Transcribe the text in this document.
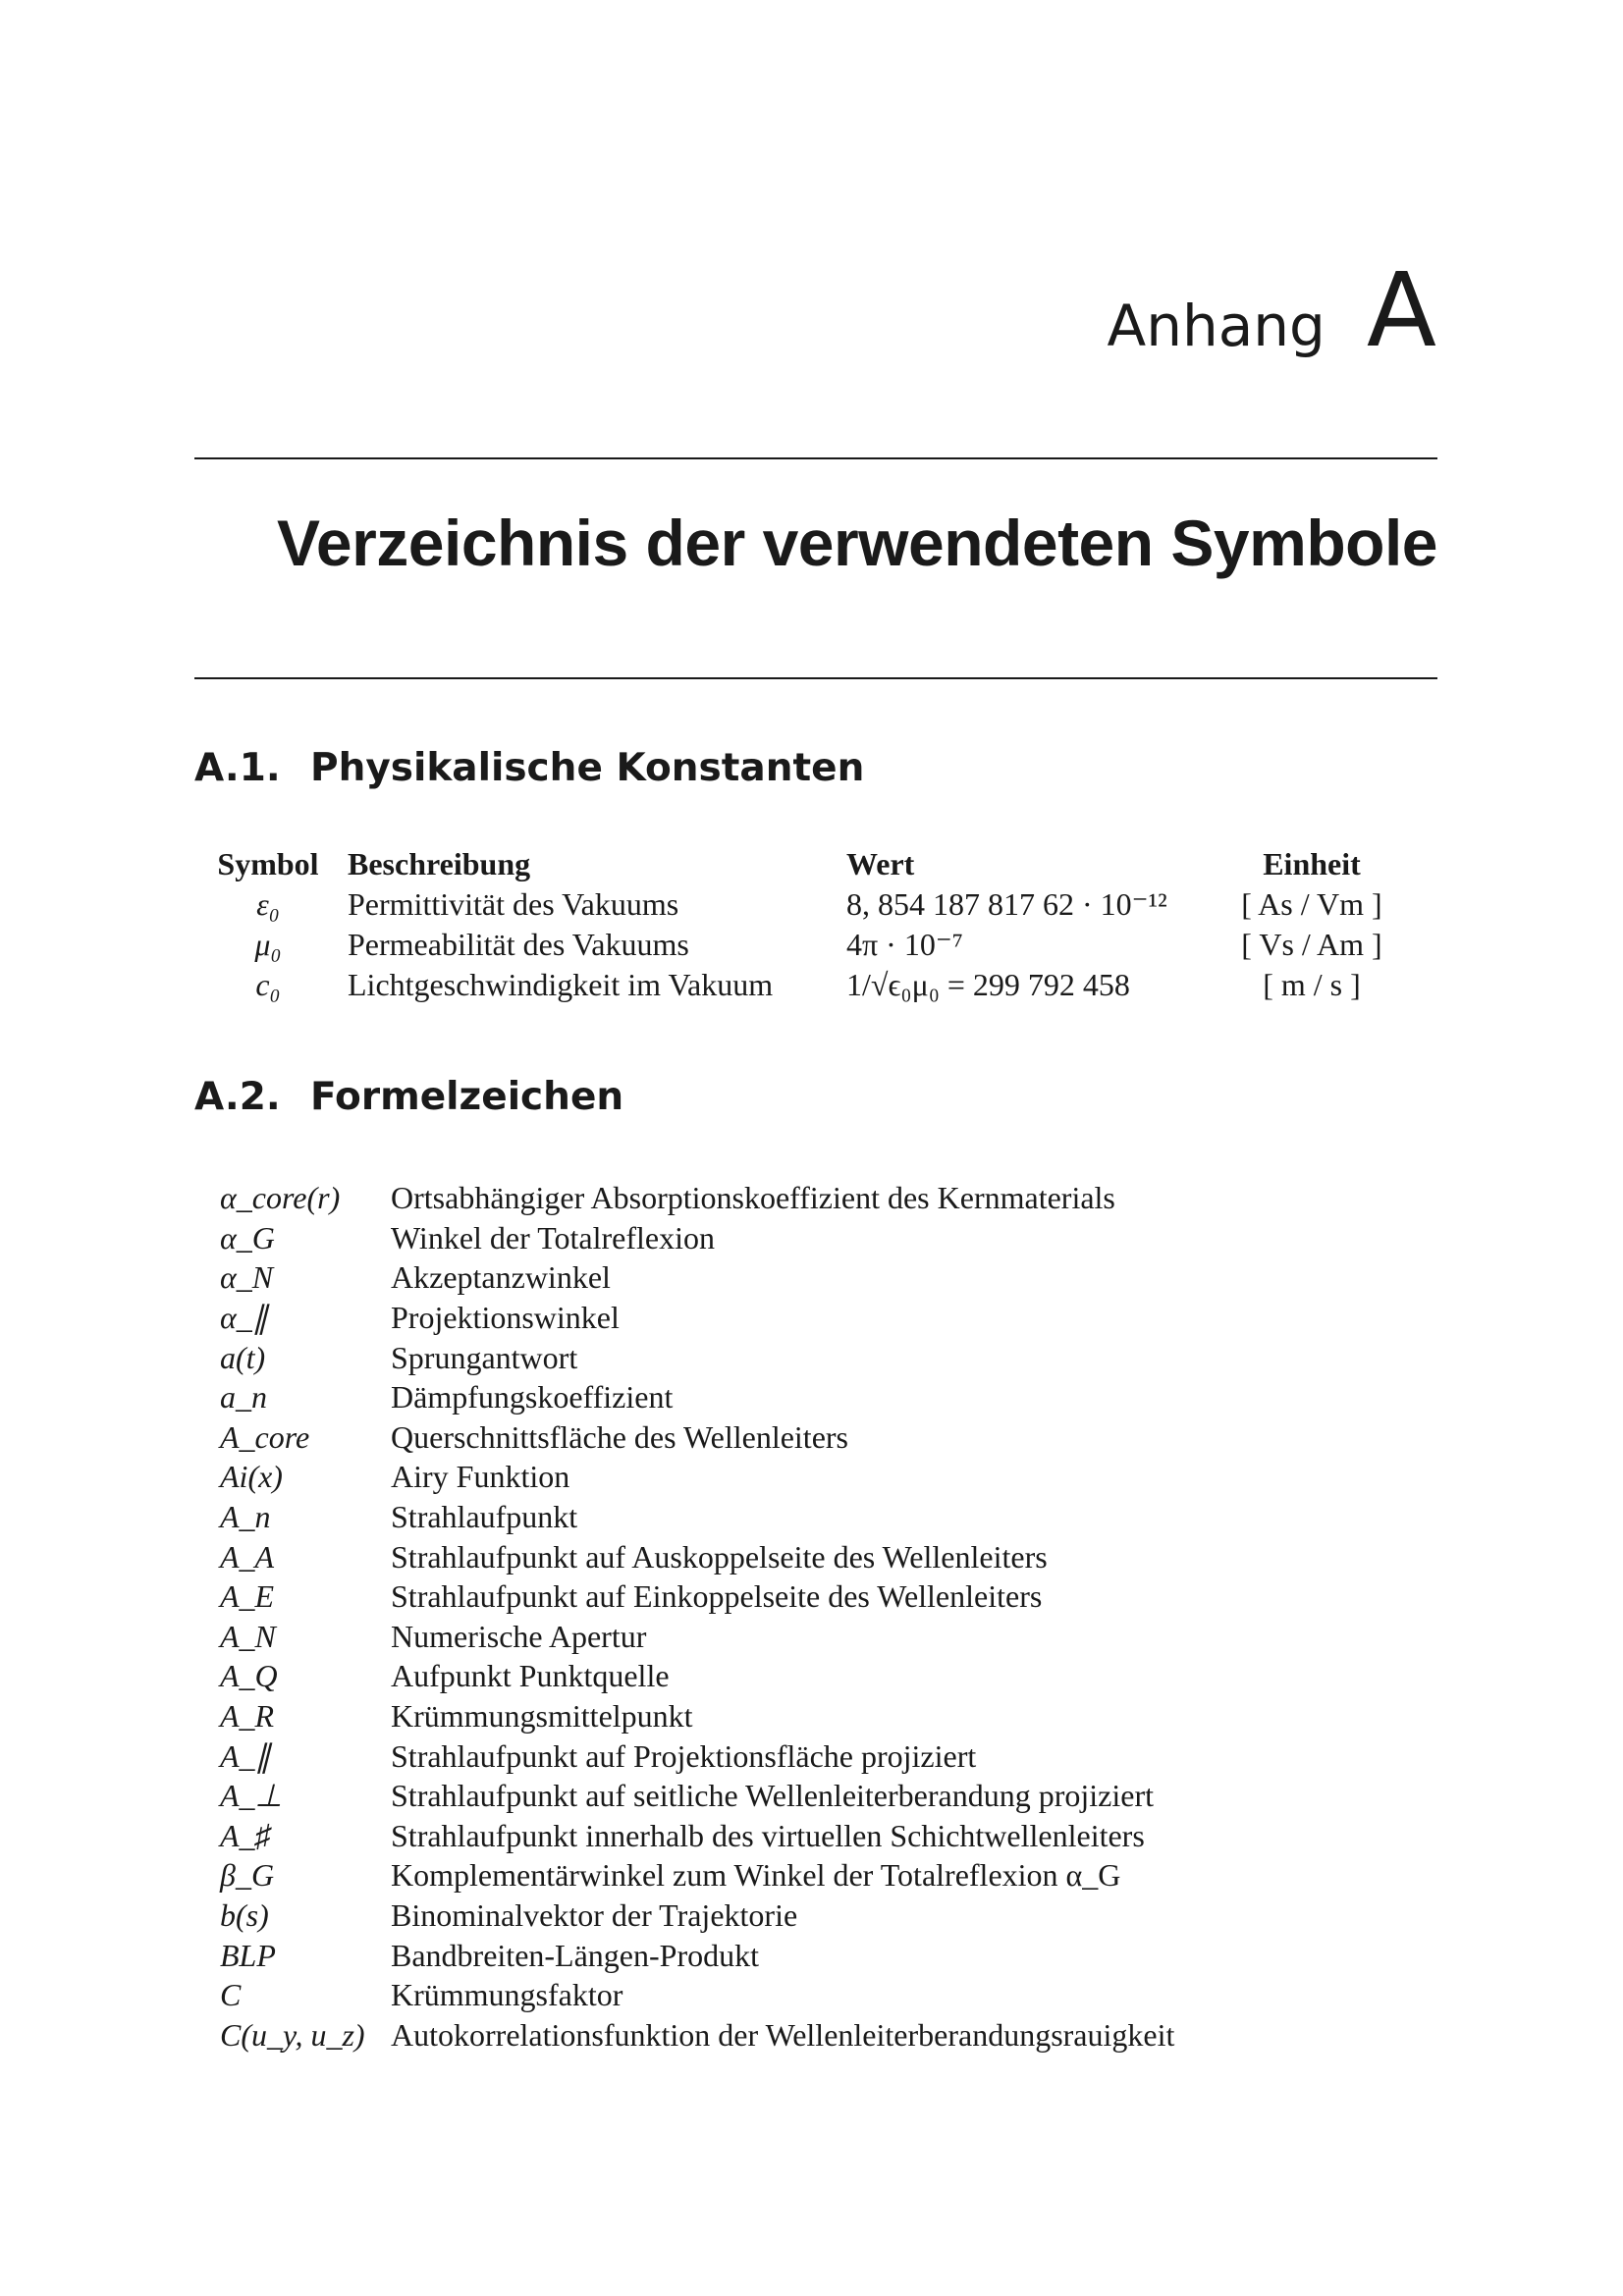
Anhang A
Verzeichnis der verwendeten Symbole
A.1. Physikalische Konstanten
Symbol	Beschreibung	Wert	Einheit
ε₀	Permittivität des Vakuums	8, 854 187 817 62 · 10⁻¹²	[ As / Vm ]
μ₀	Permeabilität des Vakuums	4π · 10⁻⁷	[ Vs / Am ]
c₀	Lichtgeschwindigkeit im Vakuum	1/√ϵ₀μ₀ = 299 792 458	[ m / s ]
A.2. Formelzeichen
α_core(r)	Ortsabhängiger Absorptionskoeffizient des Kernmaterials
α_G	Winkel der Totalreflexion
α_N	Akzeptanzwinkel
α_∥	Projektionswinkel
a(t)	Sprungantwort
a_n	Dämpfungskoeffizient
A_core	Querschnittsfläche des Wellenleiters
Ai(x)	Airy Funktion
A_n	Strahlaufpunkt
A_A	Strahlaufpunkt auf Auskoppelseite des Wellenleiters
A_E	Strahlaufpunkt auf Einkoppelseite des Wellenleiters
A_N	Numerische Apertur
A_Q	Aufpunkt Punktquelle
A_R	Krümmungsmittelpunkt
A_∥	Strahlaufpunkt auf Projektionsfläche projiziert
A_⊥	Strahlaufpunkt auf seitliche Wellenleiterberandung projiziert
A_♯	Strahlaufpunkt innerhalb des virtuellen Schichtwellenleiters
β_G	Komplementärwinkel zum Winkel der Totalreflexion α_G
b(s)	Binominalvektor der Trajektorie
BLP	Bandbreiten-Längen-Produkt
C	Krümmungsfaktor
C(u_y, u_z)	Autokorrelationsfunktion der Wellenleiterberandungsrauigkeit
